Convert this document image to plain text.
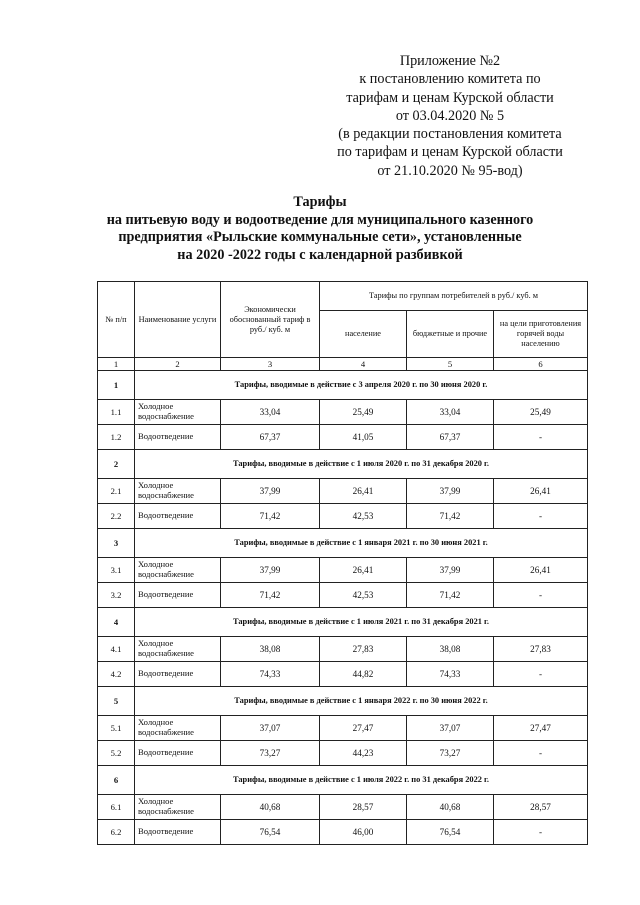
Приложение №2
к постановлению комитета по
тарифам и ценам Курской области
от 03.04.2020 № 5
(в редакции постановления комитета
по тарифам и ценам Курской области
от 21.10.2020 № 95-вод)
Тарифы
на питьевую воду и водоотведение для муниципального казенного
предприятия «Рыльские коммунальные сети», установленные
на 2020 -2022 годы с календарной разбивкой
№ п/п	Наименование услуги	Экономически обоснованный тариф в руб./ куб. м	Тарифы по группам потребителей в руб./ куб. м		
			население	бюджетные и прочие	на цели приготовления горячей воды населению
1	2	3	4	5	6
1	Тарифы, вводимые в действие с 3 апреля 2020 г. по 30 июня 2020 г.				
1.1	Холодное водоснабжение	33,04	25,49	33,04	25,49
1.2	Водоотведение	67,37	41,05	67,37	-
2	Тарифы, вводимые в действие с 1 июля 2020 г. по 31 декабря 2020 г.				
2.1	Холодное водоснабжение	37,99	26,41	37,99	26,41
2.2	Водоотведение	71,42	42,53	71,42	-
3	Тарифы, вводимые в действие с 1 января 2021 г. по 30 июня 2021 г.				
3.1	Холодное водоснабжение	37,99	26,41	37,99	26,41
3.2	Водоотведение	71,42	42,53	71,42	-
4	Тарифы, вводимые в действие с 1 июля 2021 г. по 31 декабря 2021 г.				
4.1	Холодное водоснабжение	38,08	27,83	38,08	27,83
4.2	Водоотведение	74,33	44,82	74,33	-
5	Тарифы, вводимые в действие с 1 января 2022 г. по 30 июня 2022 г.				
5.1	Холодное водоснабжение	37,07	27,47	37,07	27,47
5.2	Водоотведение	73,27	44,23	73,27	-
6	Тарифы, вводимые в действие с 1 июля 2022 г. по 31 декабря 2022 г.				
6.1	Холодное водоснабжение	40,68	28,57	40,68	28,57
6.2	Водоотведение	76,54	46,00	76,54	-
